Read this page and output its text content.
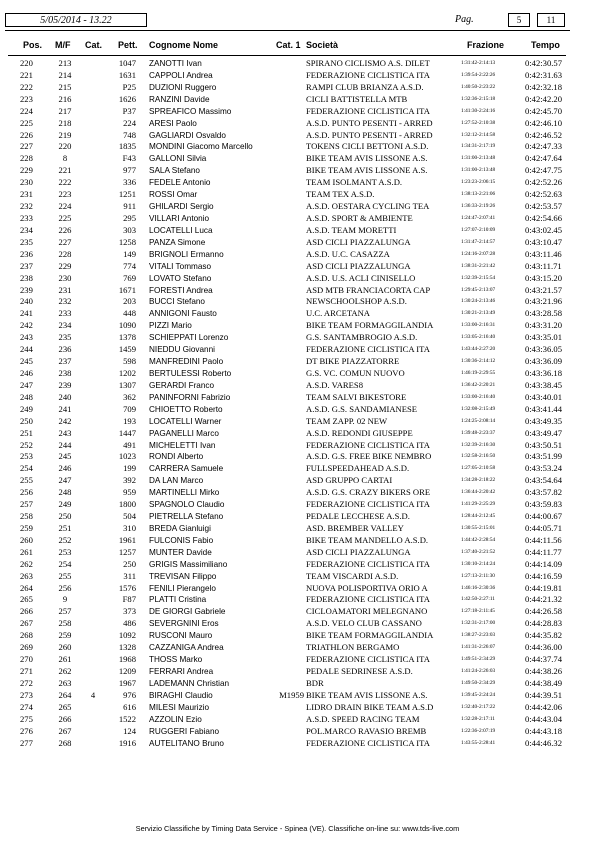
5/05/2014 - 13.22	Pag.	5	11
Pos. M/F Cat. Pett. Cognome Nome	Cat. 1 Società	Frazione	Tempo
220	213	1047 ZANOTTI Ivan	SPIRANO CICLISMO A.S. DILET	1:31:42-2:14:13	0:42:30.57
221	214	1631 CAPPOLI Andrea	FEDERAZIONE CICLISTICA ITA	1:39:54-2:22:26	0:42:31.63
222	215	P25 DUZIONI Ruggero	RAMPI CLUB BRIANZA A.S.D.	1:40:50-2:23:22	0:42:32.18
223	216	1626 RANZINI Davide	CICLI BATTISTELLA MTB	1:32:36-2:15:18	0:42:42.20
224	217	P37 SPREAFICO Massimo	FEDERAZIONE CICLISTICA ITA	1:41:30-2:24:16	0:42:45.70
225	218	224 ARESI Paolo	A.S.D. PUNTO PESENTI - ARRED	1:27:52-2:10:38	0:42:46.10
226	219	748 GAGLIARDI Osvaldo	A.S.D. PUNTO PESENTI - ARRED	1:32:12-2:14:58	0:42:46.52
227	220	1835 MONDINI Giacomo Marcello	TOKENS CICLI BETTONI A.S.D.	1:34:31-2:17:19	0:42:47.33
228	8	F43 GALLONI Silvia	BIKE TEAM AVIS LISSONE A.S.	1:31:00-2:13:48	0:42:47.64
229	221	977 SALA Stefano	BIKE TEAM AVIS LISSONE A.S.	1:31:00-2:13:48	0:42:47.75
230	222	336 FEDELE Antonio	TEAM ISOLMANT A.S.D.	1:23:23-2:06:15	0:42:52.26
231	223	1251 ROSSI Omar	TEAM TEX A.S.D.	1:38:13-2:21:06	0:42:52.63
232	224	911 GHILARDI Sergio	A.S.D. OESTARA CYCLING TEA	1:36:33-2:19:26	0:42:53.57
233	225	295 VILLARI Antonio	A.S.D. SPORT & AMBIENTE	1:24:47-2:07:41	0:42:54.66
234	226	303 LOCATELLI Luca	A.S.D. TEAM MORETTI	1:27:07-2:10:09	0:43:02.45
235	227	1258 PANZA Simone	ASD CICLI PIAZZALUNGA	1:31:47-2:14:57	0:43:10.47
236	228	149 BRIGNOLI Ermanno	A.S.D. U.C. CASAZZA	1:24:16-2:07:28	0:43:11.46
237	229	774 VITALI Tommaso	ASD CICLI PIAZZALUNGA	1:38:31-2:21:42	0:43:11.71
238	230	769 LOVATO Stefano	A.S.D. U.S. ACLI CINISELLO	1:32:39-2:15:54	0:43:15.20
239	231	1671 FORESTI Andrea	ASD MTB FRANCIACORTA CAP	1:29:45-2:13:07	0:43:21.57
240	232	203 BUCCI Stefano	NEWSCHOOLSHOP A.S.D.	1:30:24-2:13:46	0:43:21.96
241	233	448 ANNIGONI Fausto	U.C. ARCETANA	1:30:21-2:13:49	0:43:28.58
242	234	1090 PIZZI Mario	BIKE TEAM FORMAGGILANDIA	1:33:00-2:16:31	0:43:31.20
243	235	1378 SCHIEPPATI Lorenzo	G.S. SANTAMBROGIO A.S.D.	1:33:05-2:16:40	0:43:35.01
244	236	1459 NIEDDU Giovanni	FEDERAZIONE CICLISTICA ITA	1:43:44-2:27:20	0:43:36.05
245	237	598 MANFREDINI Paolo	DT BIKE PIAZZATORRE	1:30:36-2:14:12	0:43:36.09
246	238	1202 BERTULESSI Roberto	G.S. VC. COMUN NUOVO	1:46:19-2:29:55	0:43:36.18
247	239	1307 GERARDI Franco	A.S.D. VARES8	1:36:42-2:20:21	0:43:38.45
248	240	362 PANINFORNI Fabrizio	TEAM SALVI BIKESTORE	1:33:00-2:16:40	0:43:40.01
249	241	709 CHIOETTO Roberto	A.S.D. G.S. SANDAMIANESE	1:32:08-2:15:49	0:43:41.44
250	242	193 LOCATELLI Warner	TEAM ZAPP. 02 NEW	1:24:25-2:08:14	0:43:49.35
251	243	1447 PAGANELLI Marco	A.S.D. REDONDI GIUSEPPE	1:39:48-2:23:37	0:43:49.47
252	244	491 MICHELETTI Ivan	FEDERAZIONE CICLISTICA ITA	1:32:39-2:16:30	0:43:50.51
253	245	1023 RONDI Alberto	A.S.D. G.S. FREE BIKE NEMBRO	1:32:58-2:16:50	0:43:51.99
254	246	199 CARRERA Samuele	FULLSPEEDAHEAD A.S.D.	1:27:05-2:10:58	0:43:53.24
255	247	392 DA LAN Marco	ASD GRUPPO CARTAI	1:34:28-2:18:22	0:43:54.64
256	248	959 MARTINELLI Mirko	A.S.D. G.S. CRAZY BIKERS ORE	1:36:44-2:20:42	0:43:57.82
257	249	1800 SPAGNOLO Claudio	FEDERAZIONE CICLISTICA ITA	1:41:29-2:25:29	0:43:59.83
258	250	504 PIETRELLA Stefano	PEDALE LECCHESE A.S.D.	1:28:44-2:12:45	0:44:00.67
259	251	310 BREDA Gianluigi	ASD. BREMBER VALLEY	1:30:55-2:15:01	0:44:05.71
260	252	1961 FULCONIS Fabio	BIKE TEAM MANDELLO A.S.D.	1:44:42-2:28:54	0:44:11.56
261	253	1257 MUNTER Davide	ASD CICLI PIAZZALUNGA	1:37:40-2:21:52	0:44:11.77
262	254	250 GRIGIS Massimiliano	FEDERAZIONE CICLISTICA ITA	1:30:10-2:14:24	0:44:14.09
263	255	311 TREVISAN Filippo	TEAM VISCARDI A.S.D.	1:27:13-2:11:30	0:44:16.59
264	256	1576 FENILI Pierangelo	NUOVA POLISPORTIVA ORIO A	1:46:16-2:30:36	0:44:19.81
265	9	F87 PLATTI Cristina	FEDERAZIONE CICLISTICA ITA	1:42:50-2:27:11	0:44:21.32
266	257	373 DE GIORGI Gabriele	CICLOAMATORI MELEGNANO	1:27:18-2:11:45	0:44:26.58
267	258	486 SEVERGNINI Eros	A.S.D. VELO CLUB CASSANO	1:32:31-2:17:00	0:44:28.83
268	259	1092 RUSCONI Mauro	BIKE TEAM FORMAGGILANDIA	1:38:27-2:23:03	0:44:35.82
269	260	1328 CAZZANIGA Andrea	TRIATHLON BERGAMO	1:41:31-2:26:07	0:44:36.00
270	261	1968 THOSS Marko	FEDERAZIONE CICLISTICA ITA	1:49:51-2:34:29	0:44:37.74
271	262	1209 FERRARI Andrea	PEDALE SEDRINESE A.S.D.	1:41:24-2:26:03	0:44:38.26
272	263	1967 LADEMANN Christian	BDR	1:49:50-2:34:29	0:44:38.49
273	264	4	976 BIRAGHI Claudio	M1959 BIKE TEAM AVIS LISSONE A.S.	1:39:45-2:24:24	0:44:39.51
274	265	616 MILESI Maurizio	LIDRO DRAIN BIKE TEAM A.S.D	1:32:40-2:17:22	0:44:42.06
275	266	1522 AZZOLIN Ezio	A.S.D. SPEED RACING TEAM	1:32:28-2:17:11	0:44:43.04
276	267	124 RUGGERI Fabiano	POL.MARCO RAVASIO BREMB	1:22:36-2:07:19	0:44:43.18
277	268	1916 AUTELITANO Bruno	FEDERAZIONE CICLISTICA ITA	1:43:55-2:28:41	0:44:46.32
Servizio Classifiche by Timing Data Service - Spinea (VE). Classifiche on-line su: www.tds-live.com
